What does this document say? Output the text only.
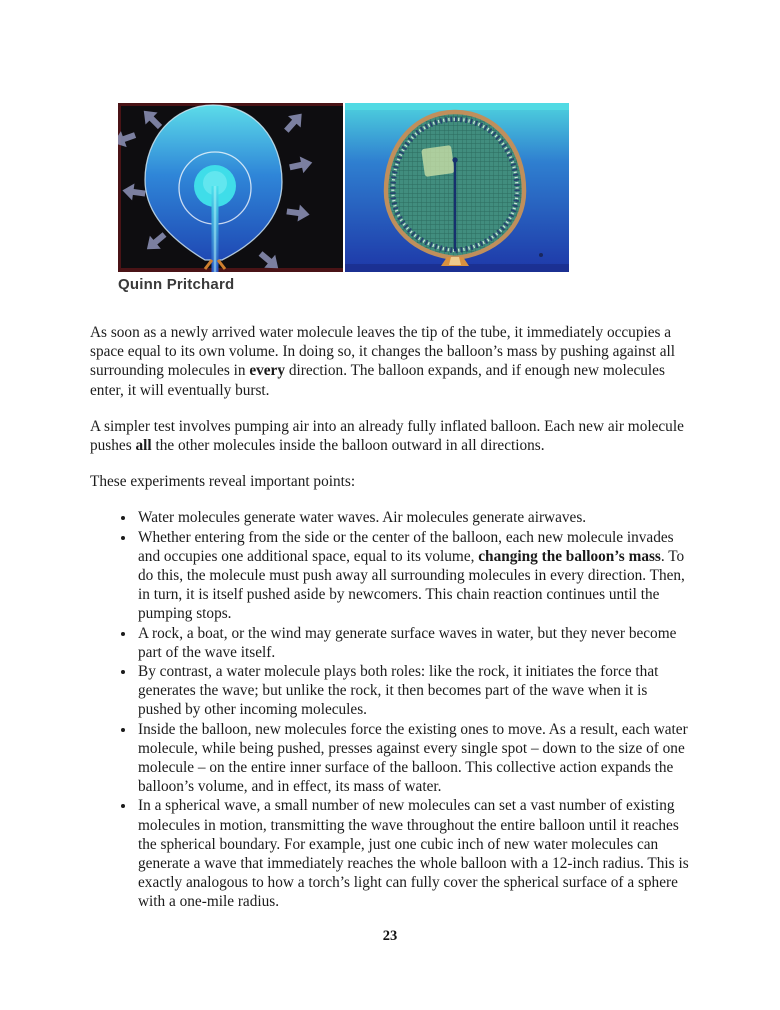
Quinn Pritchard

As soon as a newly arrived water molecule leaves the tip of the tube, it immediately occupies a space equal to its own volume. In doing so, it changes the balloon’s mass by pushing against all surrounding molecules in every direction. The balloon expands, and if enough new molecules enter, it will eventually burst.

A simpler test involves pumping air into an already fully inflated balloon. Each new air molecule pushes all the other molecules inside the balloon outward in all directions.

These experiments reveal important points:

• Water molecules generate water waves. Air molecules generate airwaves.
• Whether entering from the side or the center of the balloon, each new molecule invades and occupies one additional space, equal to its volume, changing the balloon’s mass. To do this, the molecule must push away all surrounding molecules in every direction. Then, in turn, it is itself pushed aside by newcomers. This chain reaction continues until the pumping stops.
• A rock, a boat, or the wind may generate surface waves in water, but they never become part of the wave itself.
• By contrast, a water molecule plays both roles: like the rock, it initiates the force that generates the wave; but unlike the rock, it then becomes part of the wave when it is pushed by other incoming molecules.
• Inside the balloon, new molecules force the existing ones to move. As a result, each water molecule, while being pushed, presses against every single spot – down to the size of one molecule – on the entire inner surface of the balloon. This collective action expands the balloon’s volume, and in effect, its mass of water.
• In a spherical wave, a small number of new molecules can set a vast number of existing molecules in motion, transmitting the wave throughout the entire balloon until it reaches the spherical boundary. For example, just one cubic inch of new water molecules can generate a wave that immediately reaches the whole balloon with a 12-inch radius. This is exactly analogous to how a torch’s light can fully cover the spherical surface of a sphere with a one-mile radius.
23
